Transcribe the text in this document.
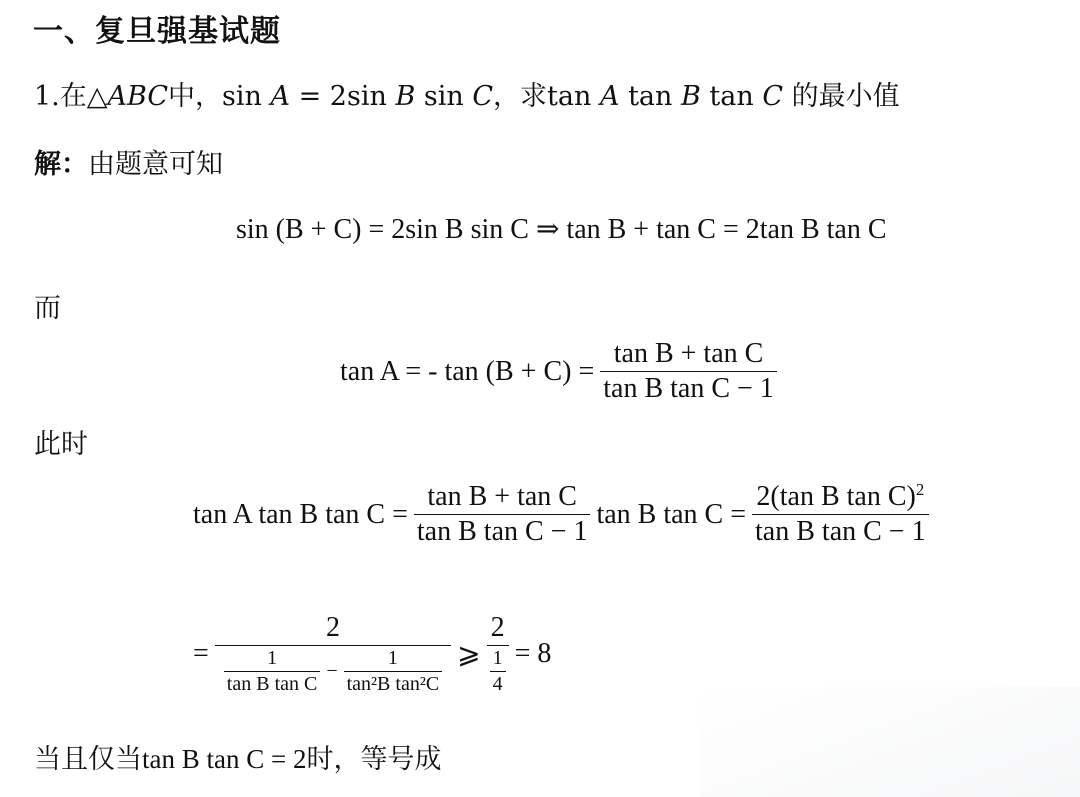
一、复旦强基试题
1.在△ABC中，sin A = 2sin B sin C，求tan A tan B tan C 的最小值
解：由题意可知
sin (B + C) = 2sin B sin C ⇒ tan B + tan C = 2tan B tan C
而
tan A = - $\tan (B + C) = \frac{\text{tan B + tan C}}{\text{tan B tan C − 1}}$
此时
tan A tan B $\tan C = \frac{\text{tan B + tan C}}{\text{tan B tan C − 1}}$ tan B $\tan C = \frac{2(\tan B \tan C)^2}{\text{tan B tan C − 1}}$
=
2
$\frac{1}{\text{tan B tan C}} - \frac{1}{\text{tan²B tan²C}}$ ⩾ $\frac{2}{\frac{1}{4}} = 8$
当且仅当tan B tan C = 2时，等号成
